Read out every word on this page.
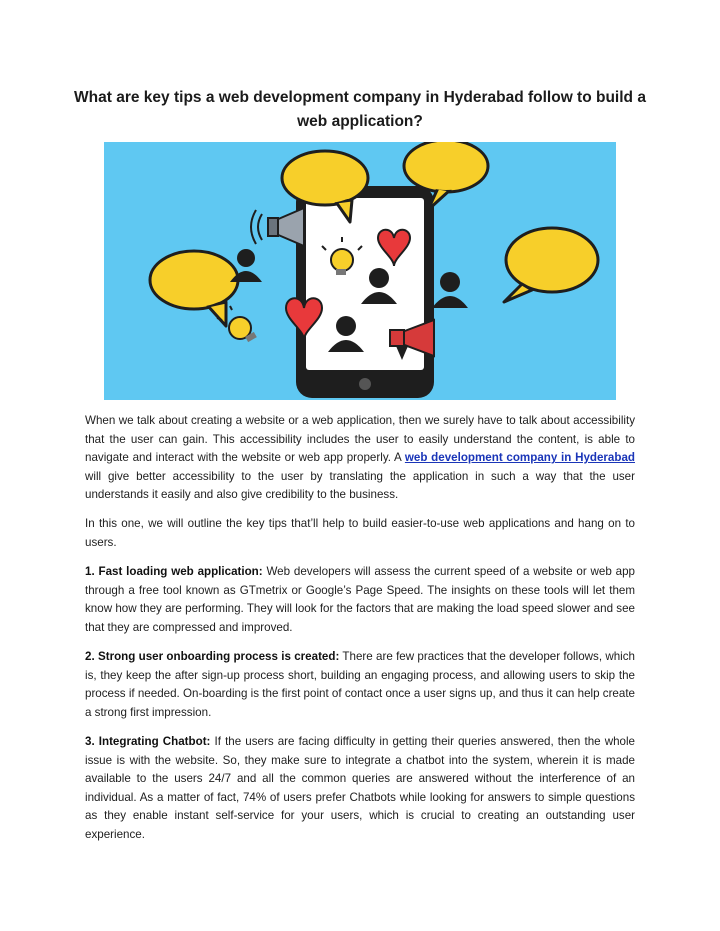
What are key tips a web development company in Hyderabad follow to build a web application?

When we talk about creating a website or a web application, then we surely have to talk about accessibility that the user can gain. This accessibility includes the user to easily understand the content, is able to navigate and interact with the website or web app properly. A web development company in Hyderabad will give better accessibility to the user by translating the application in such a way that the user understands it easily and also give credibility to the business.

In this one, we will outline the key tips that’ll help to build easier-to-use web applications and hang on to users.

1. Fast loading web application: Web developers will assess the current speed of a website or web app through a free tool known as GTmetrix or Google’s Page Speed. The insights on these tools will let them know how they are performing. They will look for the factors that are making the load speed slower and see that they are compressed and improved.

2. Strong user onboarding process is created: There are few practices that the developer follows, which is, they keep the after sign-up process short, building an engaging process, and allowing users to skip the process if needed. On-boarding is the first point of contact once a user signs up, and thus it can help create a strong first impression.

3. Integrating Chatbot: If the users are facing difficulty in getting their queries answered, then the whole issue is with the website. So, they make sure to integrate a chatbot into the system, wherein it is made available to the users 24/7 and all the common queries are answered without the interference of an individual. As a matter of fact, 74% of users prefer Chatbots while looking for answers to simple questions as they enable instant self-service for your users, which is crucial to creating an outstanding user experience.
